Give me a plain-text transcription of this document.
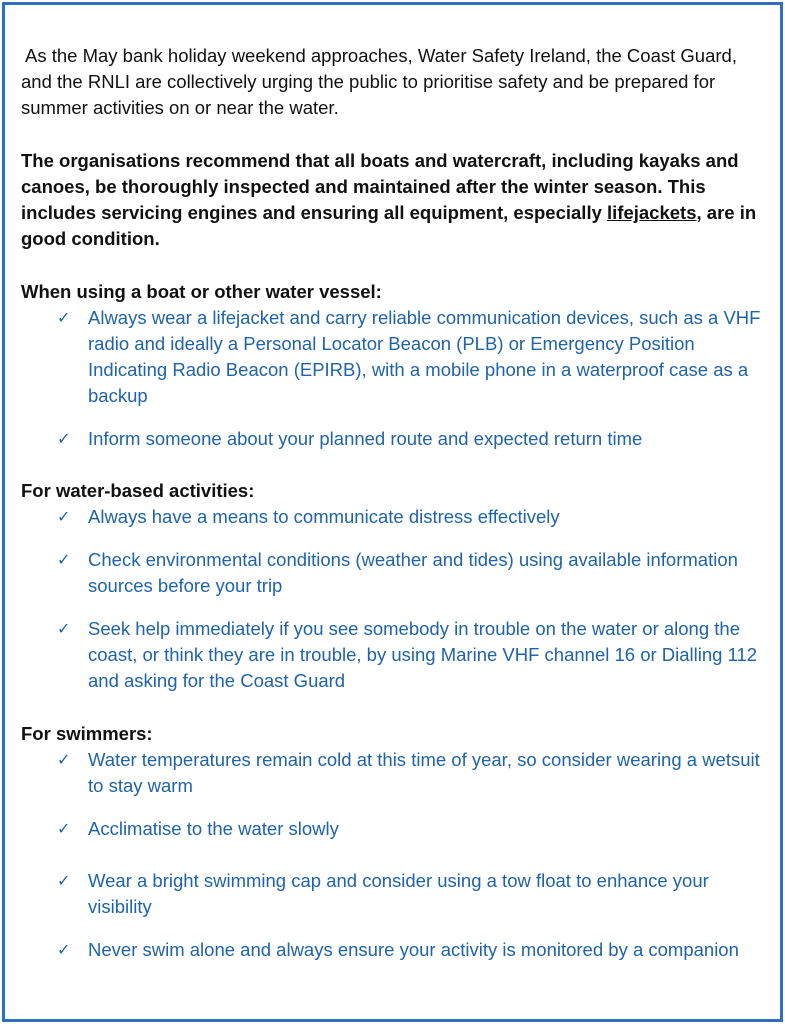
As the May bank holiday weekend approaches, Water Safety Ireland, the Coast Guard, and the RNLI are collectively urging the public to prioritise safety and be prepared for summer activities on or near the water.

The organisations recommend that all boats and watercraft, including kayaks and canoes, be thoroughly inspected and maintained after the winter season. This includes servicing engines and ensuring all equipment, especially lifejackets, are in good condition.

When using a boat or other water vessel:

✓ Always wear a lifejacket and carry reliable communication devices, such as a VHF radio and ideally a Personal Locator Beacon (PLB) or Emergency Position Indicating Radio Beacon (EPIRB), with a mobile phone in a waterproof case as a backup
✓ Inform someone about your planned route and expected return time

For water-based activities:

✓ Always have a means to communicate distress effectively
✓ Check environmental conditions (weather and tides) using available information sources before your trip
✓ Seek help immediately if you see somebody in trouble on the water or along the coast, or think they are in trouble, by using Marine VHF channel 16 or Dialling 112 and asking for the Coast Guard

For swimmers:

✓ Water temperatures remain cold at this time of year, so consider wearing a wetsuit to stay warm
✓ Acclimatise to the water slowly
✓ Wear a bright swimming cap and consider using a tow float to enhance your visibility
✓ Never swim alone and always ensure your activity is monitored by a companion
